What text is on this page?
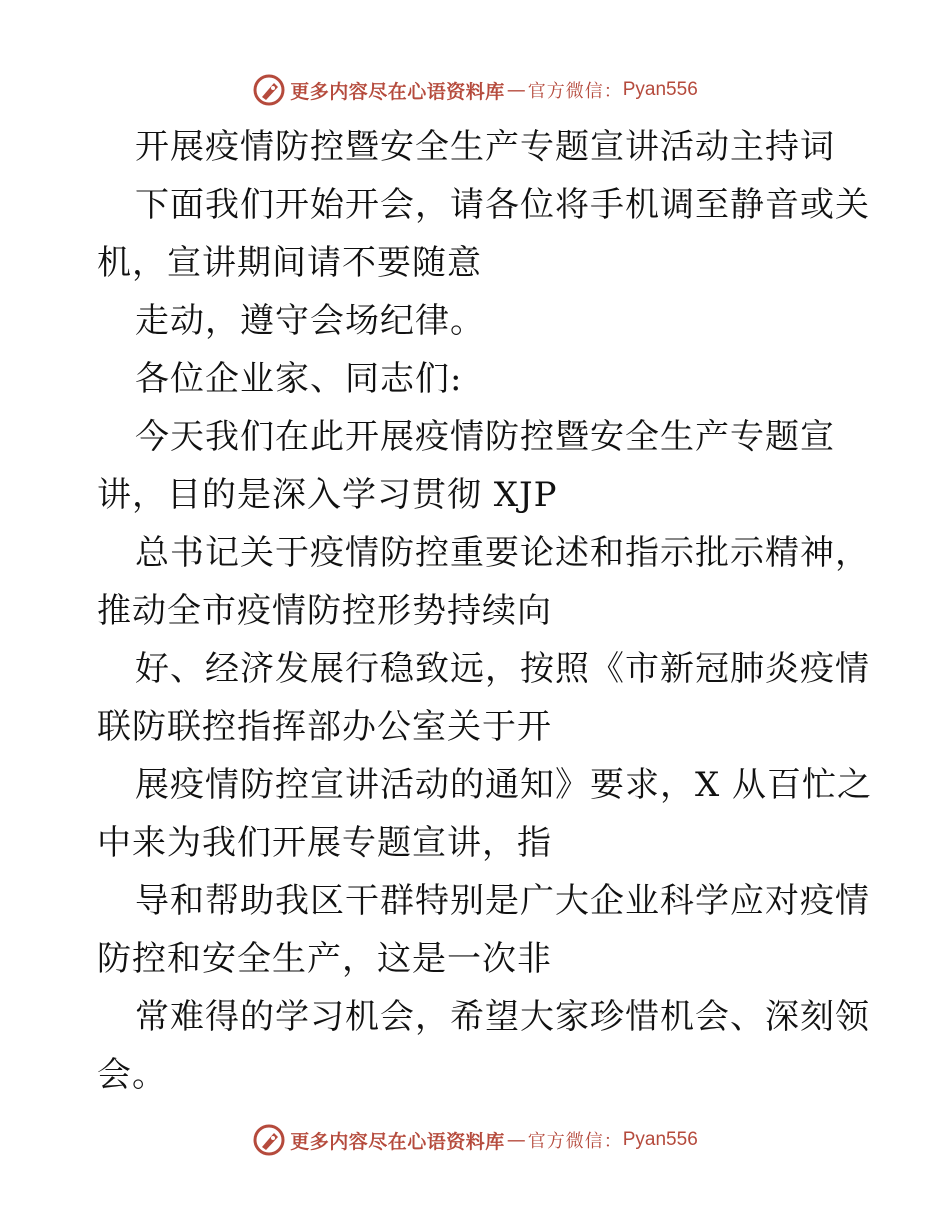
更多内容尽在心语资料库 — 官方微信： Pyan556
开展疫情防控暨安全生产专题宣讲活动主持词
下面我们开始开会，请各位将手机调至静音或关
机，宣讲期间请不要随意
走动，遵守会场纪律。
各位企业家、同志们:
今天我们在此开展疫情防控暨安全生产专题宣
讲，目的是深入学习贯彻 XJP
总书记关于疫情防控重要论述和指示批示精神，
推动全市疫情防控形势持续向
好、经济发展行稳致远，按照《市新冠肺炎疫情
联防联控指挥部办公室关于开
展疫情防控宣讲活动的通知》要求，X 从百忙之
中来为我们开展专题宣讲，指
导和帮助我区干群特别是广大企业科学应对疫情
防控和安全生产，这是一次非
常难得的学习机会，希望大家珍惜机会、深刻领
会。
更多内容尽在心语资料库 — 官方微信： Pyan556
